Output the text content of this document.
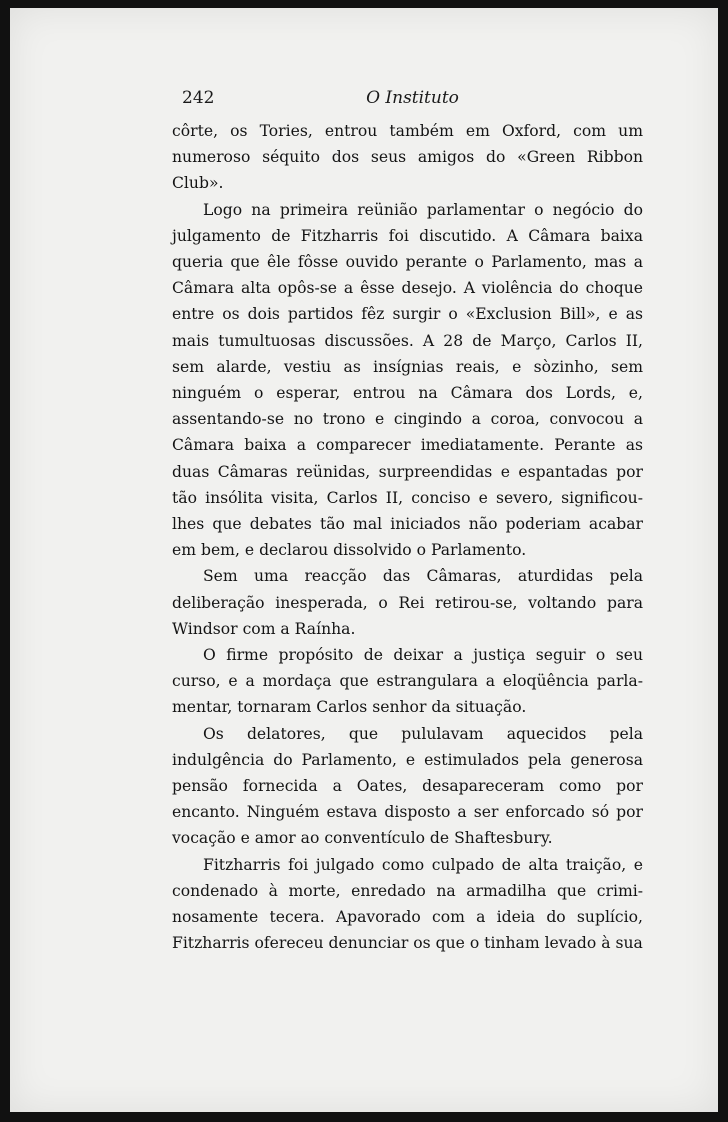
242	O Instituto

côrte, os Tories, entrou também em Oxford, com um numeroso séquito dos seus amigos do «Green Ribbon Club».

Logo na primeira reünião parlamentar o negócio do julgamento de Fitzharris foi discutido. A Câmara baixa queria que êle fôsse ouvido perante o Parlamento, mas a Câmara alta opôs-se a êsse desejo. A violência do choque entre os dois partidos fêz surgir o «Exclusion Bill», e as mais tumultuosas discussões. A 28 de Março, Carlos II, sem alarde, vestiu as insígnias reais, e sòzinho, sem ninguém o esperar, entrou na Câmara dos Lords, e, assentando-se no trono e cingindo a coroa, convocou a Câmara baixa a comparecer imediatamente. Perante as duas Câmaras reünidas, surpreendidas e espantadas por tão insólita visita, Carlos II, conciso e severo, significou-lhes que debates tão mal iniciados não poderiam acabar em bem, e declarou dissolvido o Parlamento.

Sem uma reacção das Câmaras, aturdidas pela deliberação inesperada, o Rei retirou-se, voltando para Windsor com a Raínha.

O firme propósito de deixar a justiça seguir o seu curso, e a mordaça que estrangulara a eloqüência parlamentar, tornaram Carlos senhor da situação.

Os delatores, que pululavam aquecidos pela indulgência do Parlamento, e estimulados pela generosa pensão fornecida a Oates, desapareceram como por encanto. Ninguém estava disposto a ser enforcado só por vocação e amor ao conventículo de Shaftesbury.

Fitzharris foi julgado como culpado de alta traição, e condenado à morte, enredado na armadilha que criminosamente tecera. Apavorado com a ideia do suplício, Fitzharris ofereceu denunciar os que o tinham levado à sua
